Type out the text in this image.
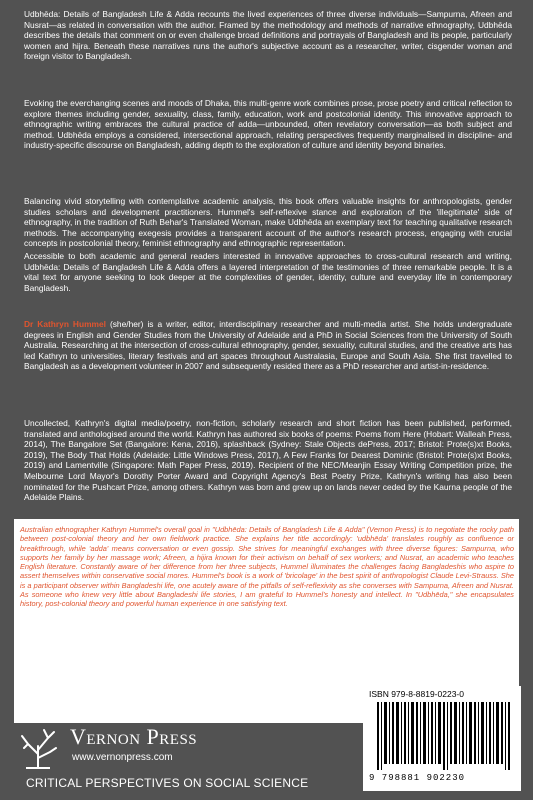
Udbhēda: Details of Bangladesh Life & Adda recounts the lived experiences of three diverse individuals—Sampurna, Afreen and Nusrat—as related in conversation with the author. Framed by the methodology and methods of narrative ethnography, Udbhēda describes the details that comment on or even challenge broad definitions and portrayals of Bangladesh and its people, particularly women and hijra. Beneath these narratives runs the author's subjective account as a researcher, writer, cisgender woman and foreign visitor to Bangladesh.
Evoking the everchanging scenes and moods of Dhaka, this multi-genre work combines prose, prose poetry and critical reflection to explore themes including gender, sexuality, class, family, education, work and postcolonial identity. This innovative approach to ethnographic writing embraces the cultural practice of adda—unbounded, often revelatory conversation—as both subject and method. Udbhēda employs a considered, intersectional approach, relating perspectives frequently marginalised in discipline- and industry-specific discourse on Bangladesh, adding depth to the exploration of culture and identity beyond binaries.
Balancing vivid storytelling with contemplative academic analysis, this book offers valuable insights for anthropologists, gender studies scholars and development practitioners. Hummel's self-reflexive stance and exploration of the 'illegitimate' side of ethnography, in the tradition of Ruth Behar's Translated Woman, make Udbhēda an exemplary text for teaching qualitative research methods. The accompanying exegesis provides a transparent account of the author's research process, engaging with crucial concepts in postcolonial theory, feminist ethnography and ethnographic representation.
Accessible to both academic and general readers interested in innovative approaches to cross-cultural research and writing, Udbhēda: Details of Bangladesh Life & Adda offers a layered interpretation of the testimonies of three remarkable people. It is a vital text for anyone seeking to look deeper at the complexities of gender, identity, culture and everyday life in contemporary Bangladesh.
Dr Kathryn Hummel (she/her) is a writer, editor, interdisciplinary researcher and multi-media artist. She holds undergraduate degrees in English and Gender Studies from the University of Adelaide and a PhD in Social Sciences from the University of South Australia. Researching at the intersection of cross-cultural ethnography, gender, sexuality, cultural studies, and the creative arts has led Kathryn to universities, literary festivals and art spaces throughout Australasia, Europe and South Asia. She first travelled to Bangladesh as a development volunteer in 2007 and subsequently resided there as a PhD researcher and artist-in-residence.
Uncollected, Kathryn's digital media/poetry, non-fiction, scholarly research and short fiction has been published, performed, translated and anthologised around the world. Kathryn has authored six books of poems: Poems from Here (Hobart: Walleah Press, 2014), The Bangalore Set (Bangalore: Kena, 2016), splashback (Sydney: Stale Objects dePress, 2017; Bristol: Prote(s)xt Books, 2019), The Body That Holds (Adelaide: Little Windows Press, 2017), A Few Franks for Dearest Dominic (Bristol: Prote(s)xt Books, 2019) and Lamentville (Singapore: Math Paper Press, 2019). Recipient of the NEC/Meanjin Essay Writing Competition prize, the Melbourne Lord Mayor's Dorothy Porter Award and Copyright Agency's Best Poetry Prize, Kathryn's writing has also been nominated for the Pushcart Prize, among others. Kathryn was born and grew up on lands never ceded by the Kaurna people of the Adelaide Plains.
Australian ethnographer Kathryn Hummel's overall goal in "Udbhēda: Details of Bangladesh Life & Adda" (Vernon Press) is to negotiate the rocky path between post-colonial theory and her own fieldwork practice. She explains her title accordingly: 'udbhēda' translates roughly as confluence or breakthrough, while 'adda' means conversation or even gossip. She strives for meaningful exchanges with three diverse figures: Sampurna, who supports her family by her massage work; Afreen, a hijira known for their activism on behalf of sex workers; and Nusrat, an academic who teaches English literature. Constantly aware of her difference from her three subjects, Hummel illuminates the challenges facing Bangladeshis who aspire to assert themselves within conservative social mores. Hummel's book is a work of 'bricolage' in the best spirit of anthropologist Claude Levi-Strauss. She is a participant observer within Bangladeshi life, one acutely aware of the pitfalls of self-reflexivity as she converses with Sampurna, Afreen and Nusrat. As someone who knew very little about Bangladeshi life stories, I am grateful to Hummel's honesty and intellect. In "Udbhēda," she encapsulates history, post-colonial theory and powerful human experience in one satisfying text.
Dr. Lynne Van Luven
Vernon Press
www.vernonpress.com
CRITICAL PERSPECTIVES ON SOCIAL SCIENCE
ISBN 979-8-8819-0223-0
9 798881 902230
